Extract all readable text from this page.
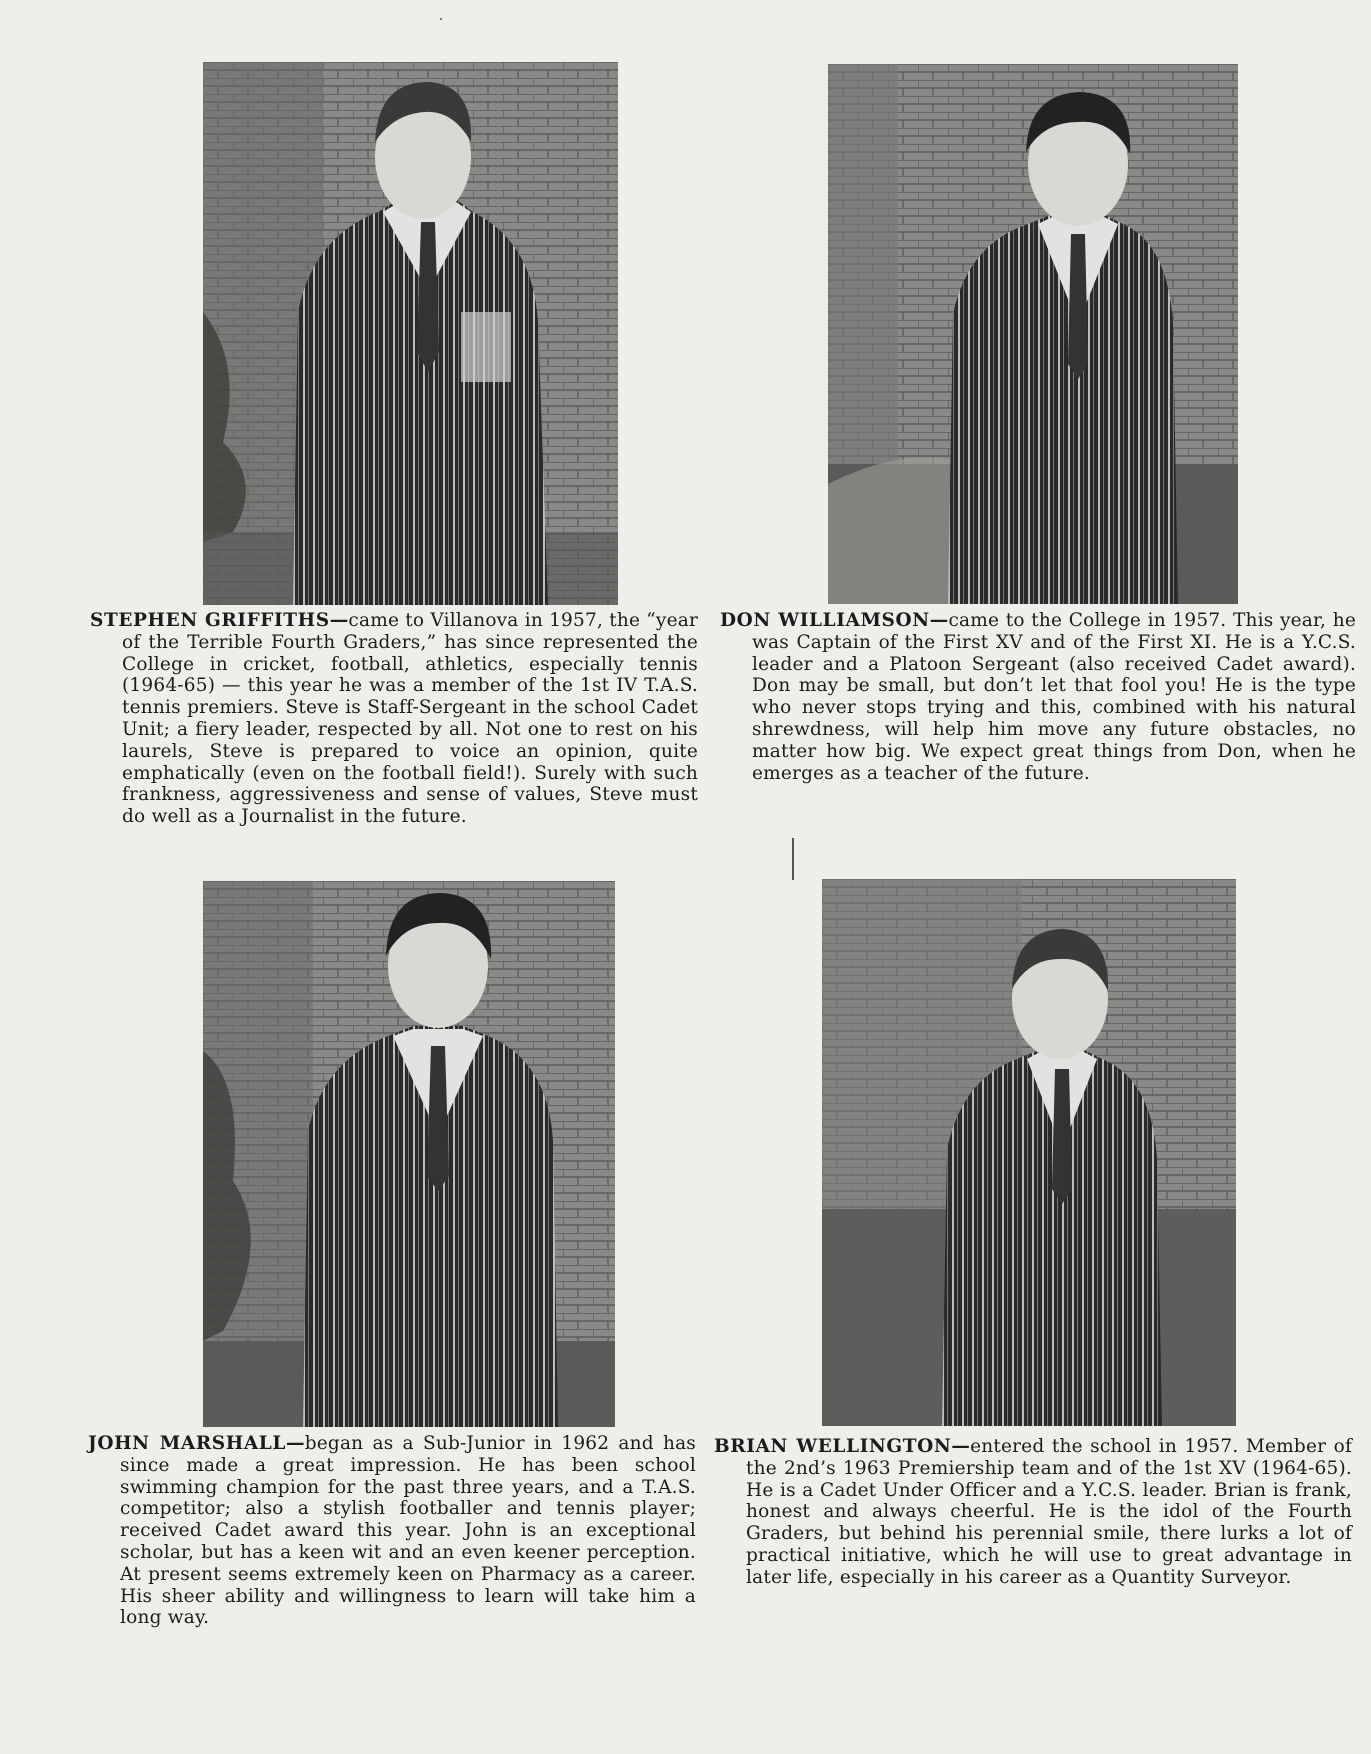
STEPHEN GRIFFITHS—came to Villanova in 1957, the “year of the Terrible Fourth Graders,” has since represented the College in cricket, football, athletics, especially tennis (1964-65) — this year he was a member of the 1st IV T.A.S. tennis premiers. Steve is Staff-Sergeant in the school Cadet Unit; a fiery leader, respected by all. Not one to rest on his laurels, Steve is prepared to voice an opinion, quite emphatically (even on the football field!). Surely with such frankness, aggressiveness and sense of values, Steve must do well as a Journalist in the future.

DON WILLIAMSON—came to the College in 1957. This year, he was Captain of the First XV and of the First XI. He is a Y.C.S. leader and a Platoon Sergeant (also received Cadet award). Don may be small, but don’t let that fool you! He is the type who never stops trying and this, combined with his natural shrewdness, will help him move any future obstacles, no matter how big. We expect great things from Don, when he emerges as a teacher of the future.

JOHN MARSHALL—began as a Sub-Junior in 1962 and has since made a great impression. He has been school swimming champion for the past three years, and a T.A.S. competitor; also a stylish footballer and tennis player; received Cadet award this year. John is an exceptional scholar, but has a keen wit and an even keener perception. At present seems extremely keen on Pharmacy as a career. His sheer ability and willingness to learn will take him a long way.

BRIAN WELLINGTON—entered the school in 1957. Member of the 2nd’s 1963 Premiership team and of the 1st XV (1964-65). He is a Cadet Under Officer and a Y.C.S. leader. Brian is frank, honest and always cheerful. He is the idol of the Fourth Graders, but behind his perennial smile, there lurks a lot of practical initiative, which he will use to great advantage in later life, especially in his career as a Quantity Surveyor.
